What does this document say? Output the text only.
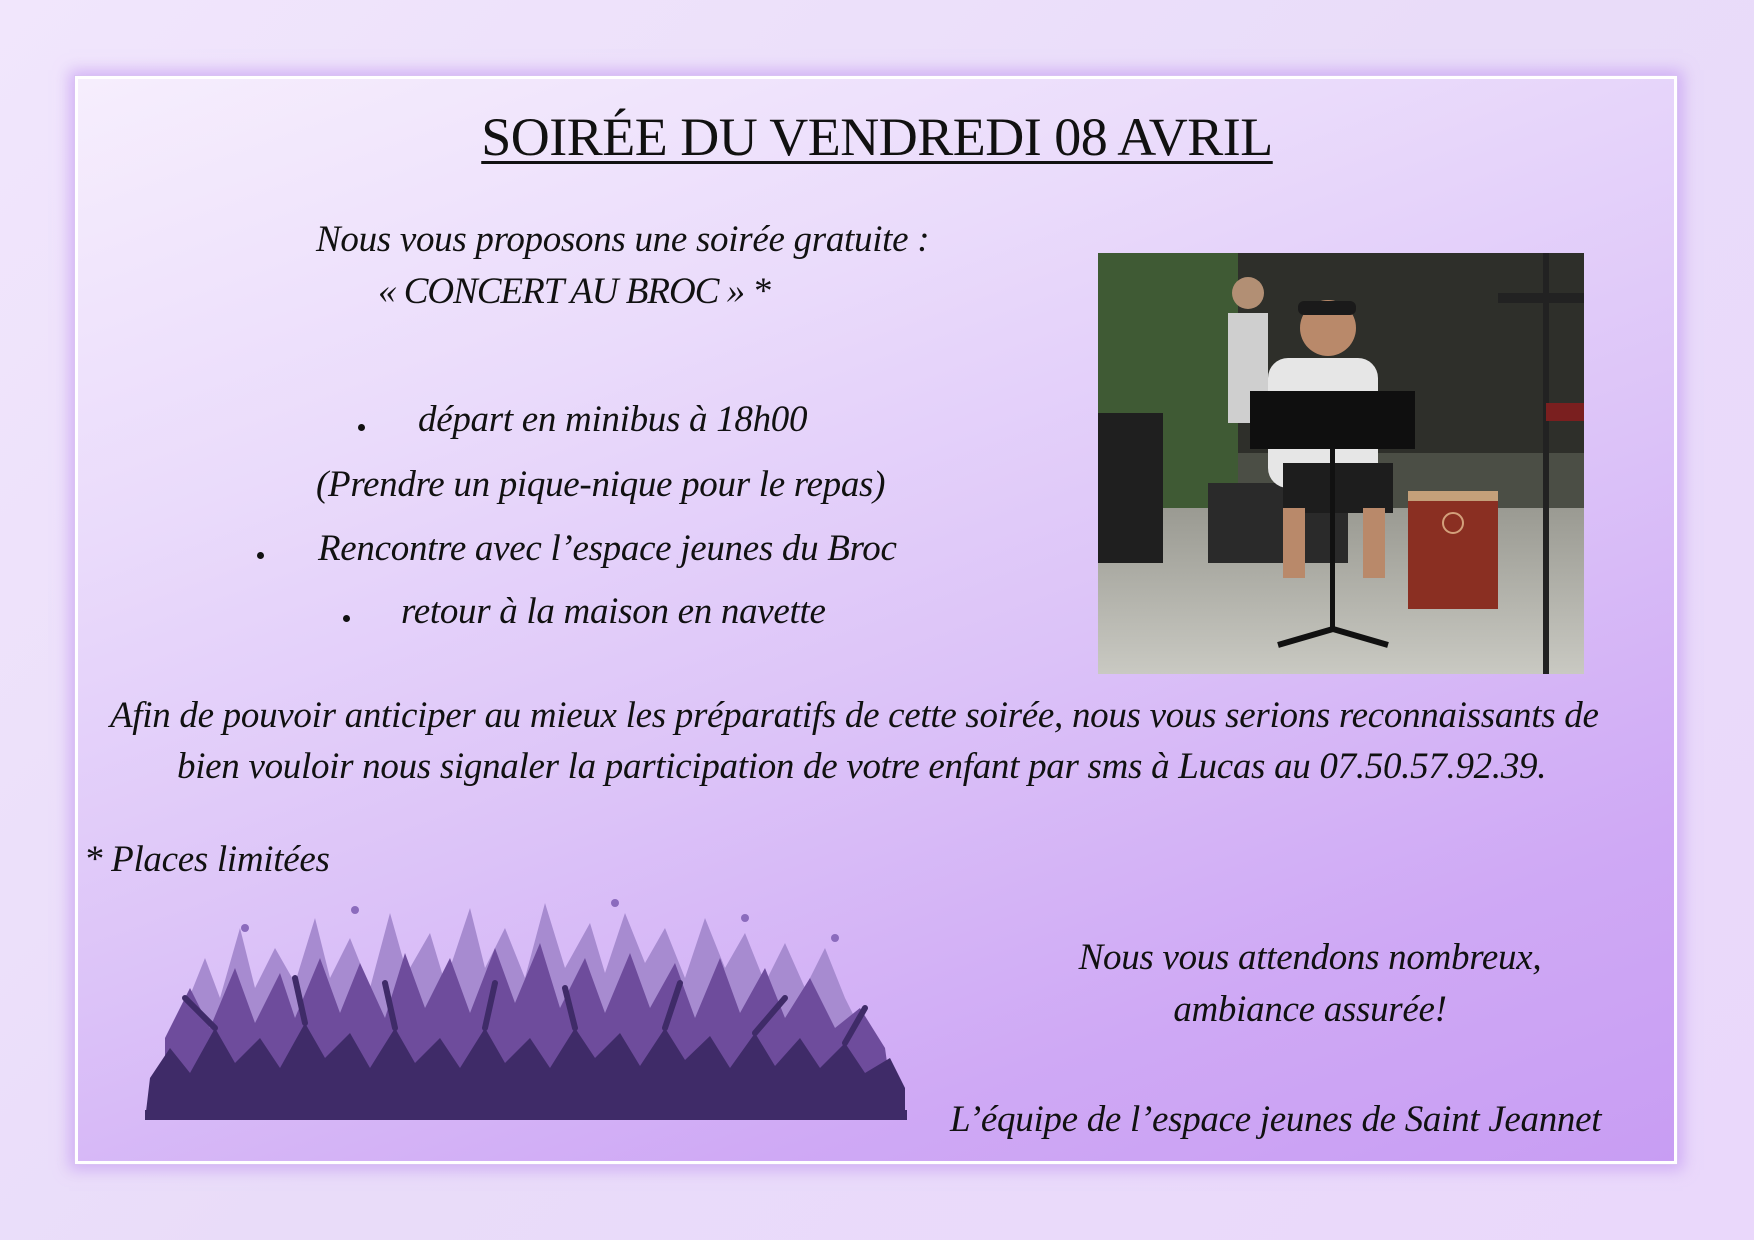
SOIRÉE DU VENDREDI 08 AVRIL
Nous vous proposons une soirée gratuite :
« CONCERT AU BROC » *
départ en minibus à 18h00
(Prendre un pique-nique pour le repas)
Rencontre avec l’espace jeunes du Broc
retour à la maison en navette
Afin de pouvoir anticiper au mieux les préparatifs de cette soirée, nous vous serions reconnaissants de
bien vouloir nous signaler la participation de votre enfant par sms à Lucas au 07.50.57.92.39.
* Places limitées
Nous vous attendons nombreux,
ambiance assurée!
L’équipe de l’espace jeunes de Saint Jeannet
